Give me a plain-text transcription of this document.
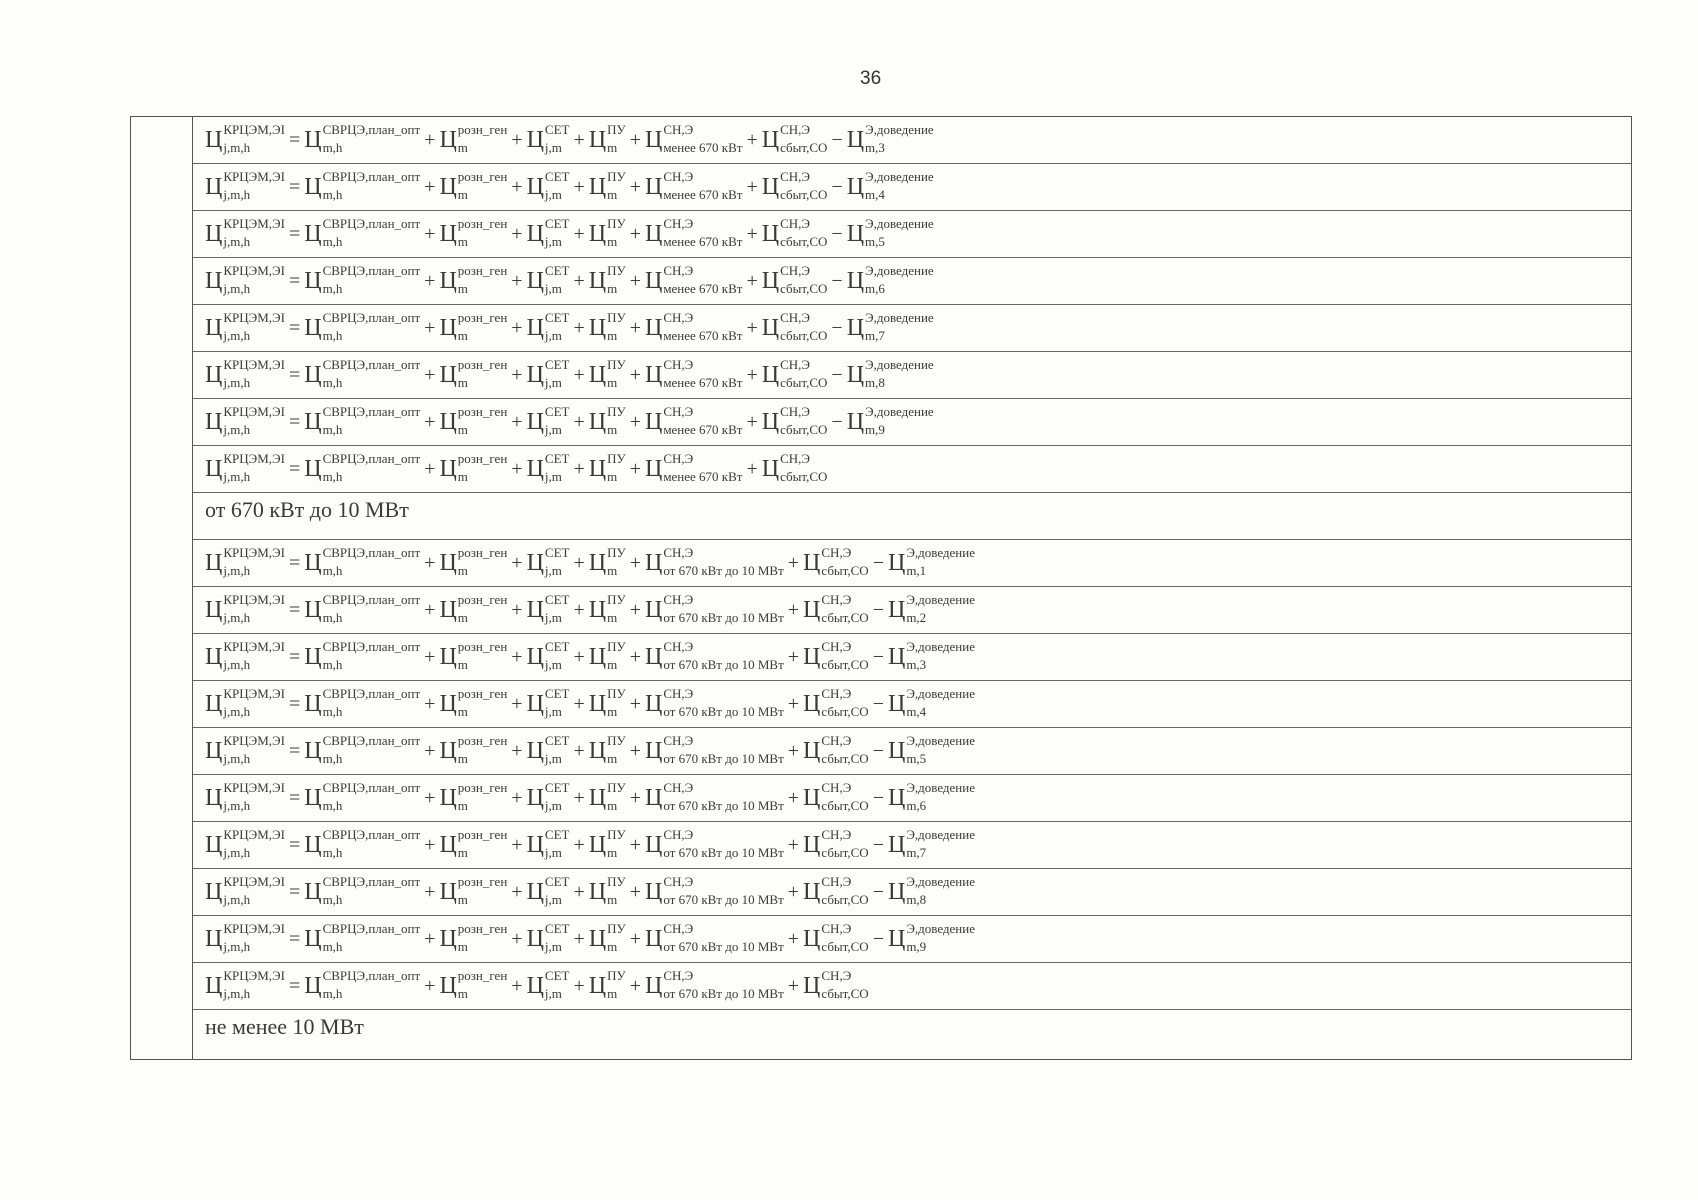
36
Ц КРЦЭМ,ЭI
j,m,h	= Ц СВРЦЭ,план_опт
m,h	+ Ц розн_ген
m	+ Ц СЕТ
j,m + Ц ПУ
m + Ц СН,Э
менее 670 кВт + Ц СН,Э
сбыт,СО − Ц Э,доведение
m,3
Ц КРЦЭМ,ЭI
j,m,h	= Ц СВРЦЭ,план_опт
m,h	+ Ц розн_ген
m	+ Ц СЕТ
j,m + Ц ПУ
m + Ц СН,Э
менее 670 кВт + Ц СН,Э
сбыт,СО − Ц Э,доведение
m,4
Ц КРЦЭМ,ЭI
j,m,h	= Ц СВРЦЭ,план_опт
m,h	+ Ц розн_ген
m	+ Ц СЕТ
j,m + Ц ПУ
m + Ц СН,Э
менее 670 кВт + Ц СН,Э
сбыт,СО − Ц Э,доведение
m,5
Ц КРЦЭМ,ЭI
j,m,h	= Ц СВРЦЭ,план_опт
m,h	+ Ц розн_ген
m	+ Ц СЕТ
j,m + Ц ПУ
m + Ц СН,Э
менее 670 кВт + Ц СН,Э
сбыт,СО − Ц Э,доведение
m,6
Ц КРЦЭМ,ЭI
j,m,h	= Ц СВРЦЭ,план_опт
m,h	+ Ц розн_ген
m	+ Ц СЕТ
j,m + Ц ПУ
m + Ц СН,Э
менее 670 кВт + Ц СН,Э
сбыт,СО − Ц Э,доведение
m,7
Ц КРЦЭМ,ЭI
j,m,h	= Ц СВРЦЭ,план_опт
m,h	+ Ц розн_ген
m	+ Ц СЕТ
j,m + Ц ПУ
m + Ц СН,Э
менее 670 кВт + Ц СН,Э
сбыт,СО − Ц Э,доведение
m,8
Ц КРЦЭМ,ЭI
j,m,h	= Ц СВРЦЭ,план_опт
m,h	+ Ц розн_ген
m	+ Ц СЕТ
j,m + Ц ПУ
m + Ц СН,Э
менее 670 кВт + Ц СН,Э
сбыт,СО − Ц Э,доведение
m,9
Ц КРЦЭМ,ЭI
j,m,h	= Ц СВРЦЭ,план_опт
m,h	+ Ц розн_ген
m	+ Ц СЕТ
j,m + Ц ПУ
m + Ц СН,Э
менее 670 кВт + Ц СН,Э
сбыт,СО
от 670 кВт до 10 МВт
Ц КРЦЭМ,ЭI
j,m,h	= Ц СВРЦЭ,план_опт
m,h	+ Ц розн_ген
m	+ Ц СЕТ
j,m + Ц ПУ
m + Ц СН,Э
от 670 кВт до 10 МВт + Ц СН,Э
сбыт,СО − Ц Э,доведение
m,1
Ц КРЦЭМ,ЭI
j,m,h	= Ц СВРЦЭ,план_опт
m,h	+ Ц розн_ген
m	+ Ц СЕТ
j,m + Ц ПУ
m + Ц СН,Э
от 670 кВт до 10 МВт + Ц СН,Э
сбыт,СО − Ц Э,доведение
m,2
Ц КРЦЭМ,ЭI
j,m,h	= Ц СВРЦЭ,план_опт
m,h	+ Ц розн_ген
m	+ Ц СЕТ
j,m + Ц ПУ
m + Ц СН,Э
от 670 кВт до 10 МВт + Ц СН,Э
сбыт,СО − Ц Э,доведение
m,3
Ц КРЦЭМ,ЭI
j,m,h	= Ц СВРЦЭ,план_опт
m,h	+ Ц розн_ген
m	+ Ц СЕТ
j,m + Ц ПУ
m + Ц СН,Э
от 670 кВт до 10 МВт + Ц СН,Э
сбыт,СО − Ц Э,доведение
m,4
Ц КРЦЭМ,ЭI
j,m,h	= Ц СВРЦЭ,план_опт
m,h	+ Ц розн_ген
m	+ Ц СЕТ
j,m + Ц ПУ
m + Ц СН,Э
от 670 кВт до 10 МВт + Ц СН,Э
сбыт,СО − Ц Э,доведение
m,5
Ц КРЦЭМ,ЭI
j,m,h	= Ц СВРЦЭ,план_опт
m,h	+ Ц розн_ген
m	+ Ц СЕТ
j,m + Ц ПУ
m + Ц СН,Э
от 670 кВт до 10 МВт + Ц СН,Э
сбыт,СО − Ц Э,доведение
m,6
Ц КРЦЭМ,ЭI
j,m,h	= Ц СВРЦЭ,план_опт
m,h	+ Ц розн_ген
m	+ Ц СЕТ
j,m + Ц ПУ
m + Ц СН,Э
от 670 кВт до 10 МВт + Ц СН,Э
сбыт,СО − Ц Э,доведение
m,7
Ц КРЦЭМ,ЭI
j,m,h	= Ц СВРЦЭ,план_опт
m,h	+ Ц розн_ген
m	+ Ц СЕТ
j,m + Ц ПУ
m + Ц СН,Э
от 670 кВт до 10 МВт + Ц СН,Э
сбыт,СО − Ц Э,доведение
m,8
Ц КРЦЭМ,ЭI
j,m,h	= Ц СВРЦЭ,план_опт
m,h	+ Ц розн_ген
m	+ Ц СЕТ
j,m + Ц ПУ
m + Ц СН,Э
от 670 кВт до 10 МВт + Ц СН,Э
сбыт,СО − Ц Э,доведение
m,9
Ц КРЦЭМ,ЭI
j,m,h	= Ц СВРЦЭ,план_опт
m,h	+ Ц розн_ген
m	+ Ц СЕТ
j,m + Ц ПУ
m + Ц СН,Э
от 670 кВт до 10 МВт + Ц СН,Э
сбыт,СО
не менее 10 МВт
